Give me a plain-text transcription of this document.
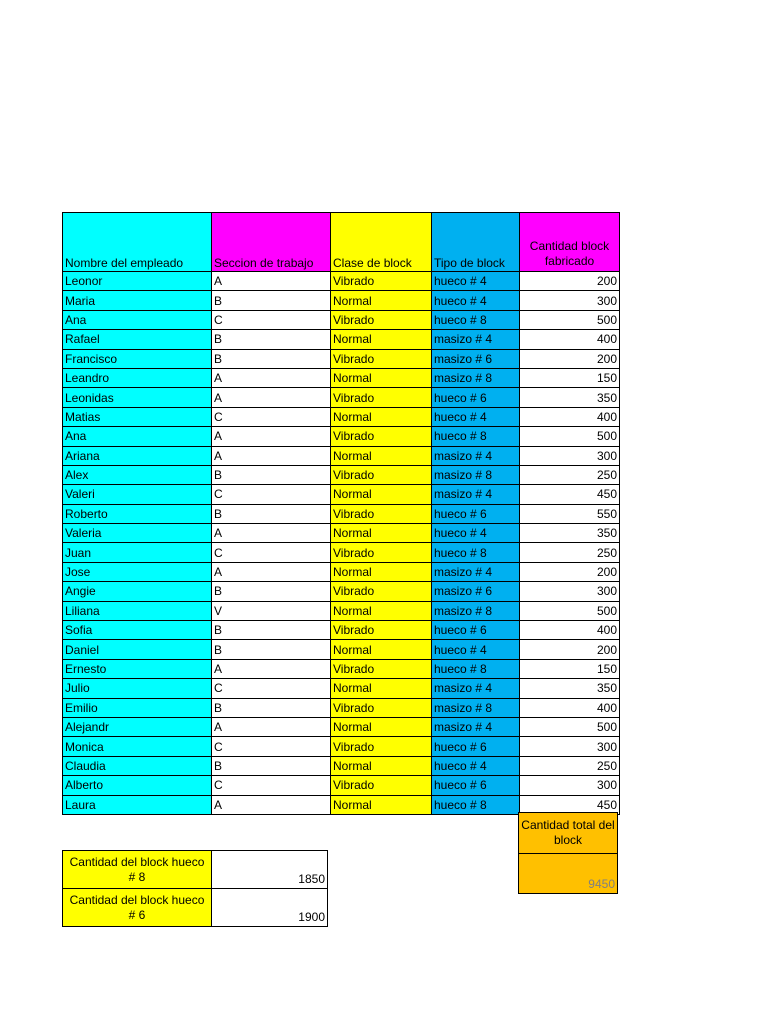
Nombre del empleado	Seccion de trabajo	Clase de block	Tipo de block	Cantidad block fabricado
Leonor	A	Vibrado	hueco # 4	200
Maria	B	Normal	hueco # 4	300
Ana	C	Vibrado	hueco # 8	500
Rafael	B	Normal	masizo # 4	400
Francisco	B	Vibrado	masizo # 6	200
Leandro	A	Normal	masizo # 8	150
Leonidas	A	Vibrado	hueco # 6	350
Matias	C	Normal	hueco # 4	400
Ana	A	Vibrado	hueco # 8	500
Ariana	A	Normal	masizo # 4	300
Alex	B	Vibrado	masizo # 8	250
Valeri	C	Normal	masizo # 4	450
Roberto	B	Vibrado	hueco # 6	550
Valeria	A	Normal	hueco # 4	350
Juan	C	Vibrado	hueco # 8	250
Jose	A	Normal	masizo # 4	200
Angie	B	Vibrado	masizo # 6	300
Liliana	V	Normal	masizo # 8	500
Sofia	B	Vibrado	hueco # 6	400
Daniel	B	Normal	hueco # 4	200
Ernesto	A	Vibrado	hueco # 8	150
Julio	C	Normal	masizo # 4	350
Emilio	B	Vibrado	masizo # 8	400
Alejandr	A	Normal	masizo # 4	500
Monica	C	Vibrado	hueco # 6	300
Claudia	B	Normal	hueco # 4	250
Alberto	C	Vibrado	hueco # 6	300
Laura	A	Normal	hueco # 8	450
Cantidad total del block
9450
Cantidad del block hueco # 8	1850
Cantidad del block hueco # 6	1900
